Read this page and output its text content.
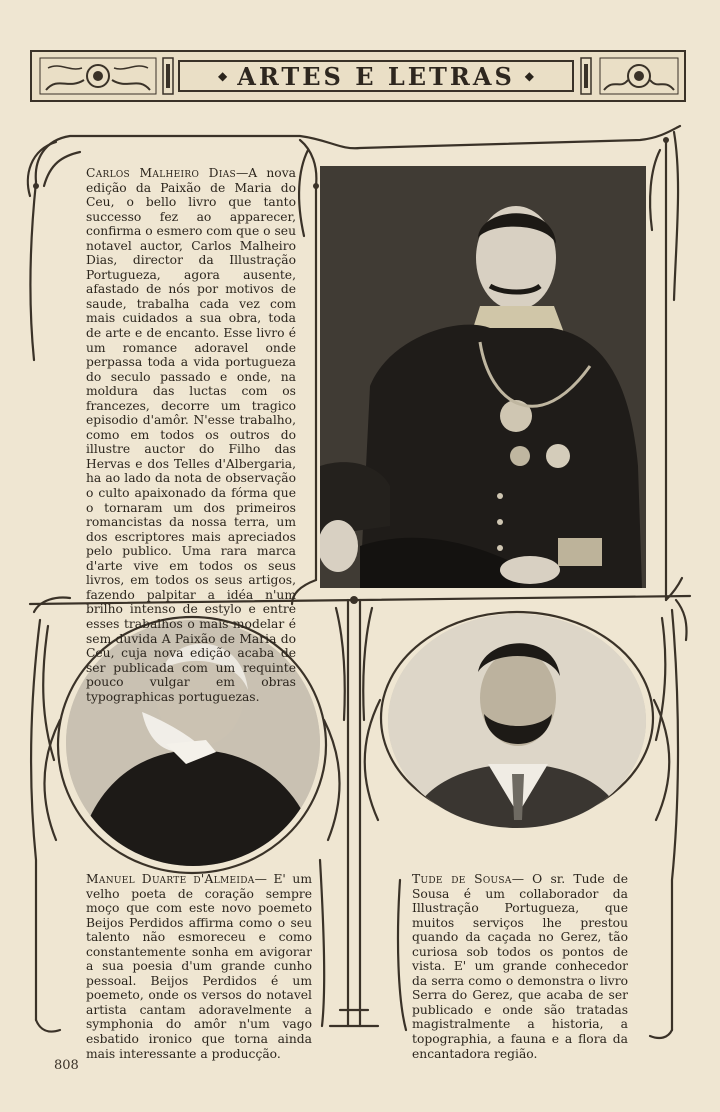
◆ ARTES E LETRAS ◆

Carlos Malheiro Dias—A nova edição da Paixão de Maria do Ceu, o bello livro que tanto successo fez ao apparecer, confirma o esmero com que o seu notavel auctor, Carlos Malheiro Dias, director da Illustração Portugueza, agora ausente, afastado de nós por motivos de saude, trabalha cada vez com mais cuidados a sua obra, toda de arte e de encanto. Esse livro é um romance adoravel onde perpassa toda a vida portugueza do seculo passado e onde, na moldura das luctas com os francezes, decorre um tragico episodio d'amôr. N'esse trabalho, como em todos os outros do illustre auctor do Filho das Hervas e dos Telles d'Albergaria, ha ao lado da nota de observação o culto apaixonado da fórma que o tornaram um dos primeiros romancistas da nossa terra, um dos escriptores mais apreciados pelo publico. Uma rara marca d'arte vive em todos os seus livros, em todos os seus artigos, fazendo palpitar a idéa n'um brilho intenso de estylo e entre esses trabalhos o mais modelar é sem duvida A Paixão de Maria do Ceu, cuja nova edição acaba de ser publicada com um requinte pouco vulgar em obras typographicas portuguezas.

Manuel Duarte d'Almeida— E' um velho poeta de coração sempre moço que com este novo poemeto Beijos Perdidos affirma como o seu talento não esmoreceu e como constantemente sonha em avigorar a sua poesia d'um grande cunho pessoal. Beijos Perdidos é um poemeto, onde os versos do notavel artista cantam adoravelmente a symphonia do amôr n'um vago esbatido ironico que torna ainda mais interessante a producção.

Tude de Sousa— O sr. Tude de Sousa é um collaborador da Illustração Portugueza, que muitos serviços lhe prestou quando da caçada no Gerez, tão curiosa sob todos os pontos de vista. E' um grande conhecedor da serra como o demonstra o livro Serra do Gerez, que acaba de ser publicado e onde são tratadas magistralmente a historia, a topographia, a fauna e a flora da encantadora região.

808
